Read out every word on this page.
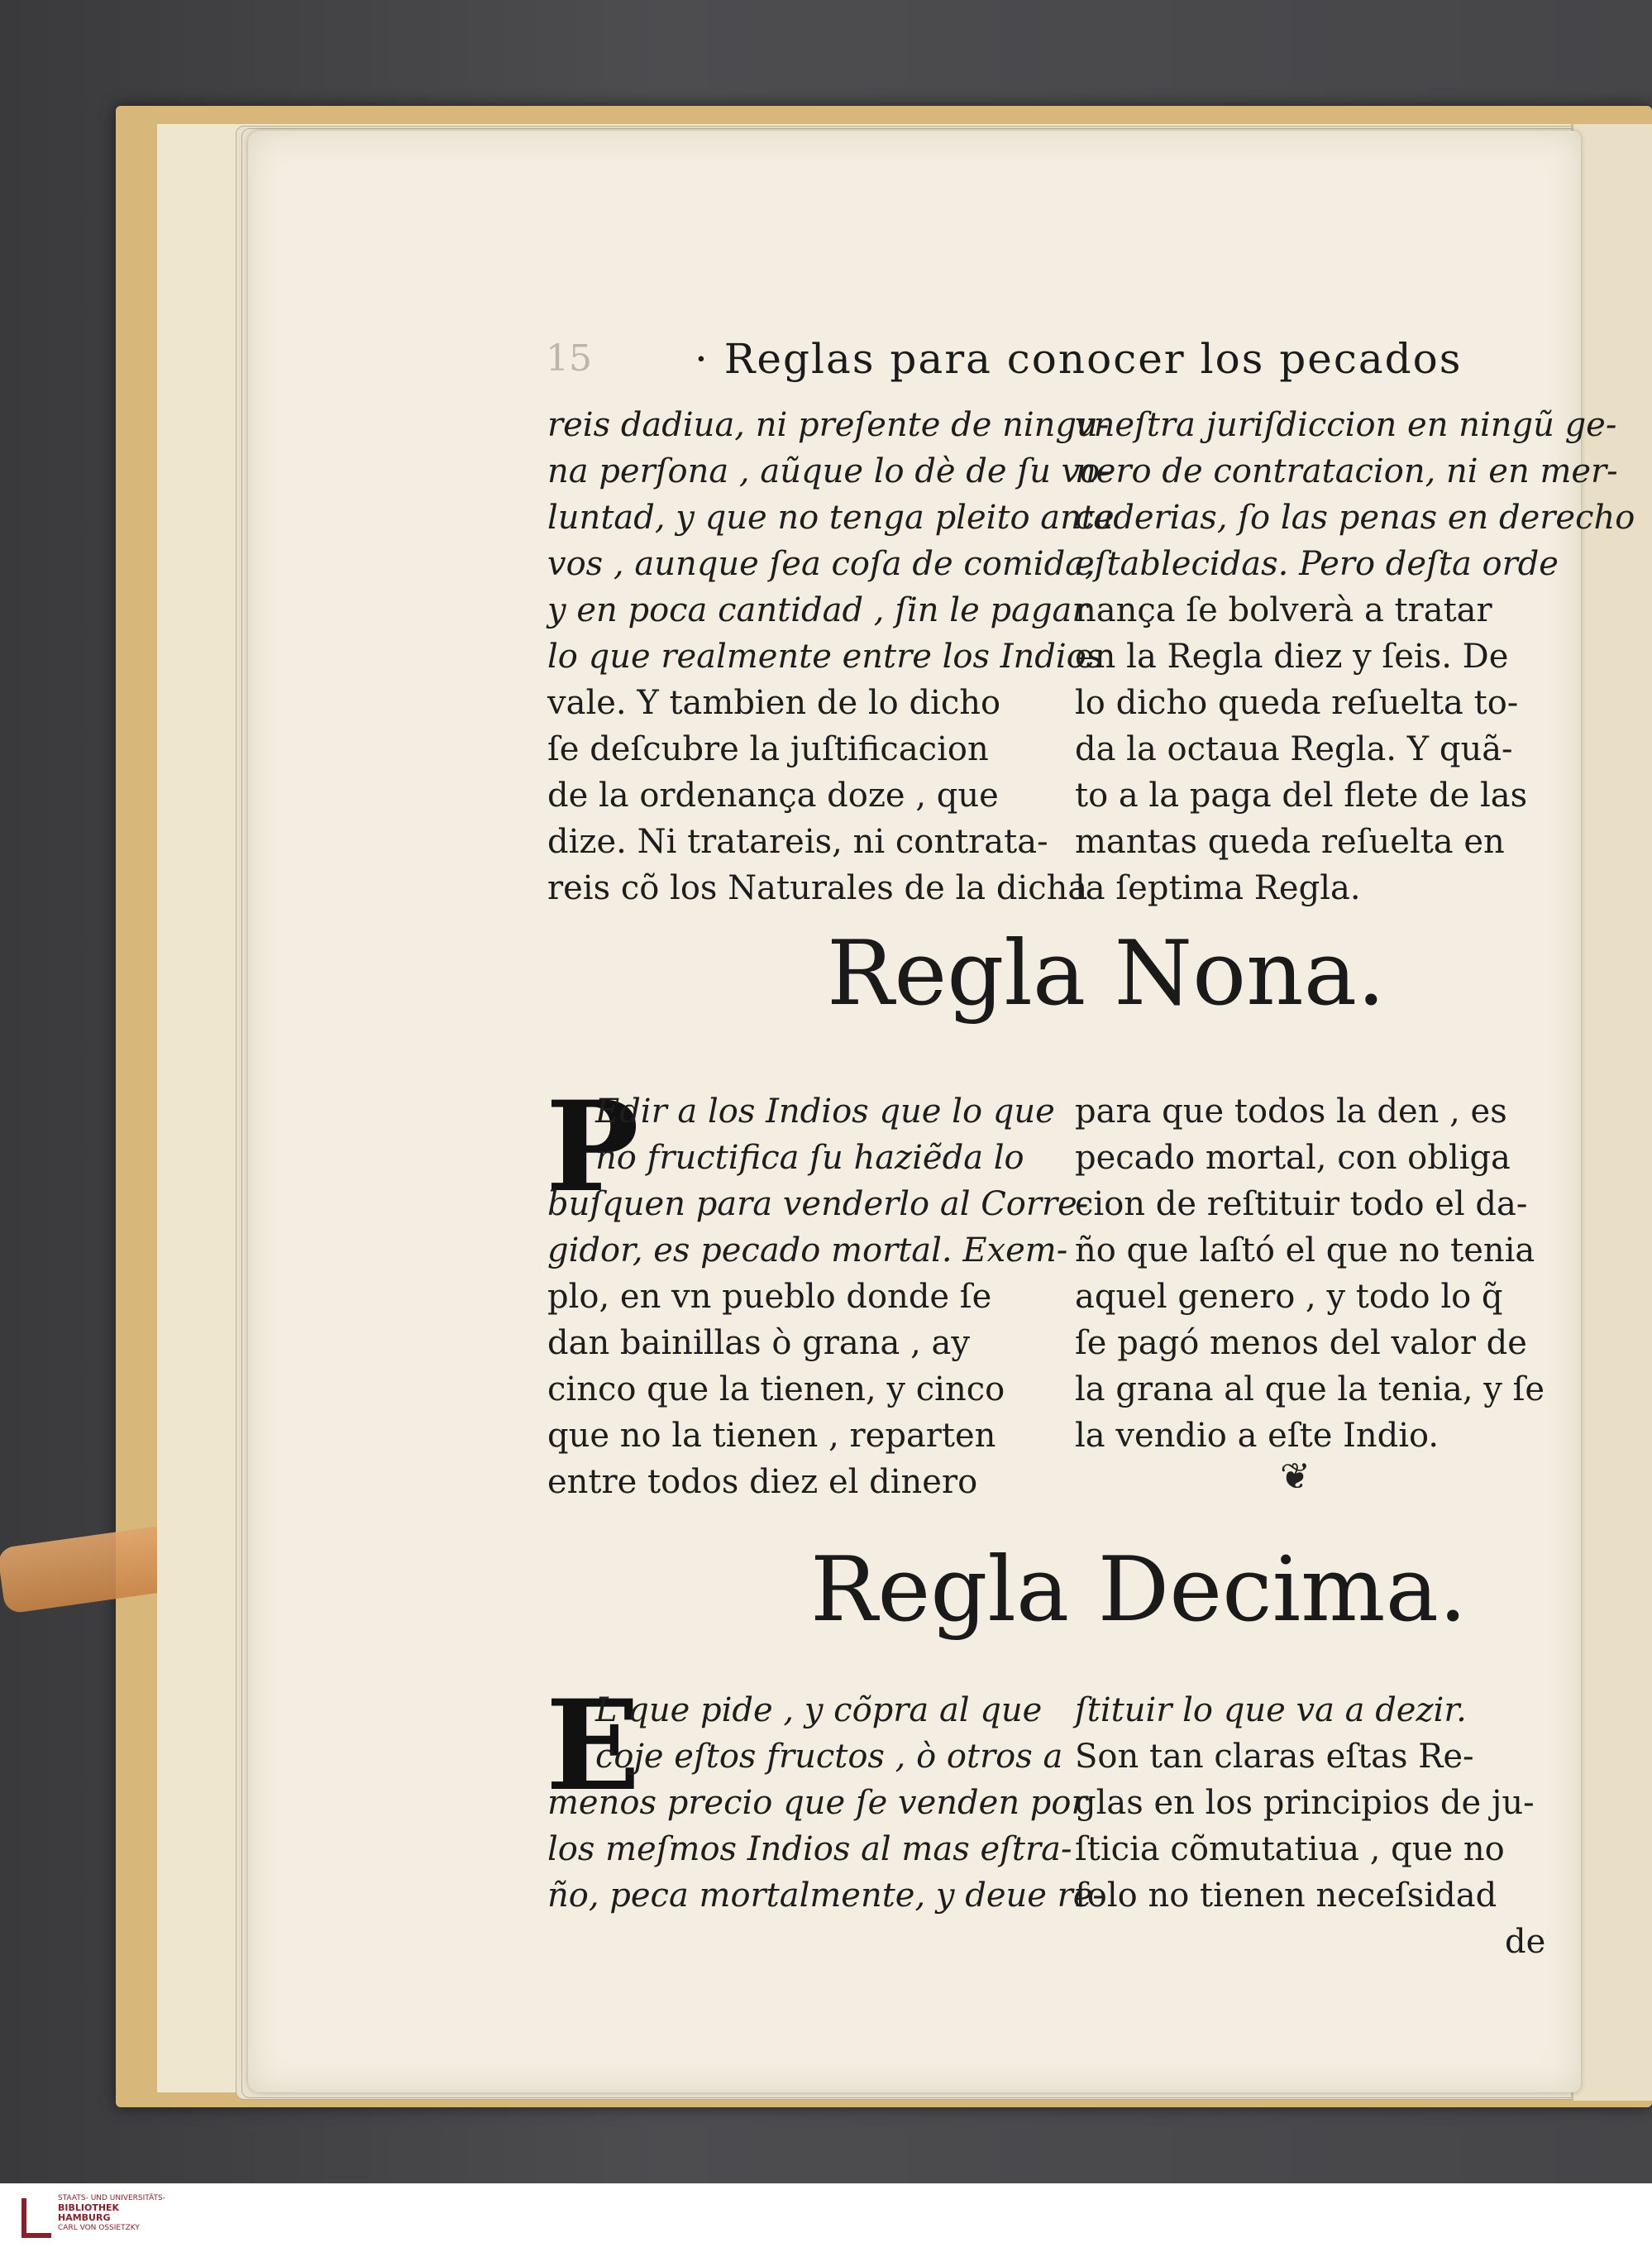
15 · Reglas para conocer los pecados
reis dadiua, ni preſente de ningu-
na perſona , aũque lo dè de ſu vo-
luntad, y que no tenga pleito ante
vos , aunque ſea coſa de comida,
y en poca cantidad , ſin le pagar
lo que realmente entre los Indios
vale. Y tambien de lo dicho
ſe deſcubre la juſtificacion
de la ordenança doze , que
dize. Ni tratareis, ni contrata-
reis cõ los Naturales de la dicha
vneſtra juriſdiccion en ningũ ge-
nero de contratacion, ni en mer-
caderias, ſo las penas en derecho
eſtablecidas. Pero deſta orde
nança ſe bolverà a tratar
en la Regla diez y ſeis. De
lo dicho queda reſuelta to-
da la octaua Regla. Y quã-
to a la paga del flete de las
mantas queda reſuelta en
la ſeptima Regla.
Regla Nona.
P
Edir a los Indios que lo que
no fructifica ſu haziẽda lo
buſquen para venderlo al Corre-
gidor, es pecado mortal. Exem-
plo, en vn pueblo donde ſe
dan bainillas ò grana , ay
cinco que la tienen, y cinco
que no la tienen , reparten
entre todos diez el dinero
para que todos la den , es
pecado mortal, con obliga
cion de reſtituir todo el da-
ño que laſtó el que no tenia
aquel genero , y todo lo q̃
ſe pagó menos del valor de
la grana al que la tenia, y ſe
la vendio a eſte Indio.
❦
Regla Decima.
E
L que pide , y cõpra al que
coje eſtos fructos , ò otros a
menos precio que ſe venden por
los meſmos Indios al mas eſtra-
ño, peca mortalmente, y deue re-
ſtituir lo que va a dezir.
Son tan claras eſtas Re-
glas en los principios de ju-
ſticia cõmutatiua , que no
ſolo no tienen neceſsidad
de
STAATS- UND UNIVERSITÄTS-
BIBLIOTHEK
HAMBURG
CARL VON OSSIETZKY
